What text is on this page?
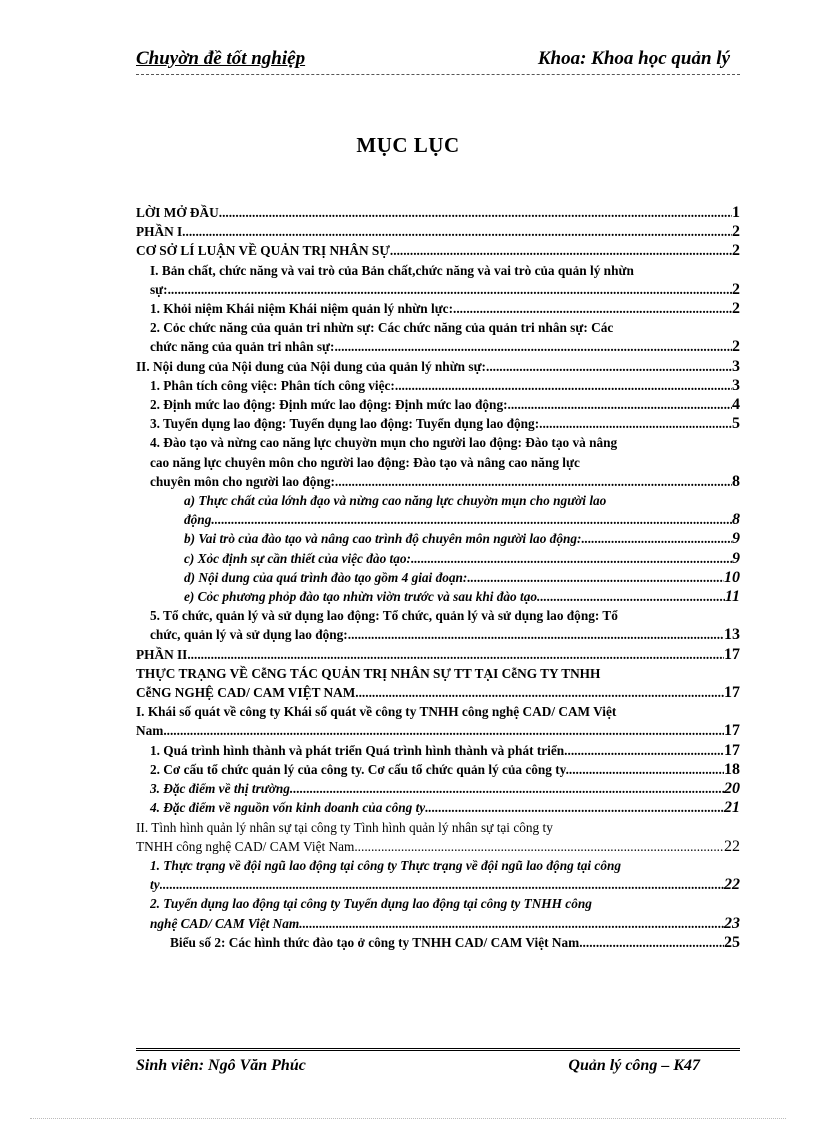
Chuyờn đề tốt nghiệp	Khoa: Khoa học quản lý
MỤC LỤC
LỜI MỞ ĐẦU .....	1
PHẦN I .....	2
CƠ SỞ LÍ LUẬN VỀ QUẢN TRỊ NHÂN SỰ .....	2
I. Bản chất, chức năng và vai trò của Bản chất,chức năng và vai trò của quản lý nhừn
sự: .....	2
1. Khỏi niệm Khái niệm Khái niệm quản lý nhừn lực: .....	2
2. Cỏc chức năng của quản tri nhừn sự: Các chức năng của quản tri nhân sự: Các
chức năng của quản tri nhân sự: .....	2
II. Nội dung của Nội dung của Nội dung của quản lý nhừn sự: .....	3
1. Phân tích công việc: Phân tích công việc: .....	3
2. Định mức lao động: Định mức lao động: Định mức lao động: .....	4
3. Tuyển dụng lao động: Tuyển dụng lao động: Tuyển dụng lao động: .....	5
4. Đào tạo và nừng cao năng lực chuyờn mụn cho người lao động: Đào tạo và nâng
cao năng lực chuyên môn cho người lao động: Đào tạo và nâng cao năng lực
chuyên môn cho người lao động: .....	8
a) Thực chất của lớnh đạo và nừng cao năng lực chuyờn mụn cho người lao
động. .....	8
b) Vai trò của đào tạo và nâng cao trình độ chuyên môn người lao động: .....	9
c) Xỏc định sự cần thiết của việc đào tạo: .....	9
d) Nội dung của quá trình đào tạo gồm 4 giai đoạn: .....	10
e) Cỏc phương phỏp đào tạo nhừn viờn trước và sau khi đào tạo. .....	11
5. Tổ chức, quản lý và sử dụng lao động: Tổ chức, quản lý và sử dụng lao động: Tổ
chức, quản lý và sử dụng lao động: .....	13
PHẦN II .....	17
THỰC TRẠNG VỀ CễNG TÁC QUẢN TRỊ NHÂN SỰ TT TẠI CễNG TY TNHH
CễNG NGHỆ CAD/ CAM VIỆT NAM .....	17
I. Khái số quát về công ty Khái số quát về công ty TNHH công nghệ CAD/ CAM Việt
Nam .....	17
1. Quá trình hình thành và phát triển Quá trình hình thành và phát triển .....	17
2. Cơ cấu tổ chức quản lý của công ty. Cơ cấu tổ chức quản lý của công ty. .....	18
3. Đặc điểm về thị trường. .....	20
4. Đặc điểm về nguồn vốn kinh doanh của công ty .....	21
II. Tình hình quản lý nhân sự tại công ty Tình hình quản lý nhân sự tại công ty
TNHH công nghệ CAD/ CAM Việt Nam .....	22
1. Thực trạng về đội ngũ lao động tại công ty Thực trạng về đội ngũ lao động tại công
ty .....	22
2. Tuyển dụng lao động tại công ty Tuyển dụng lao động tại công ty TNHH công
nghệ CAD/ CAM Việt Nam .....	23
Biểu số 2: Các hình thức đào tạo ở công ty TNHH CAD/ CAM Việt Nam .....	25
Sinh viên: Ngô Văn Phúc	Quản lý công – K47
